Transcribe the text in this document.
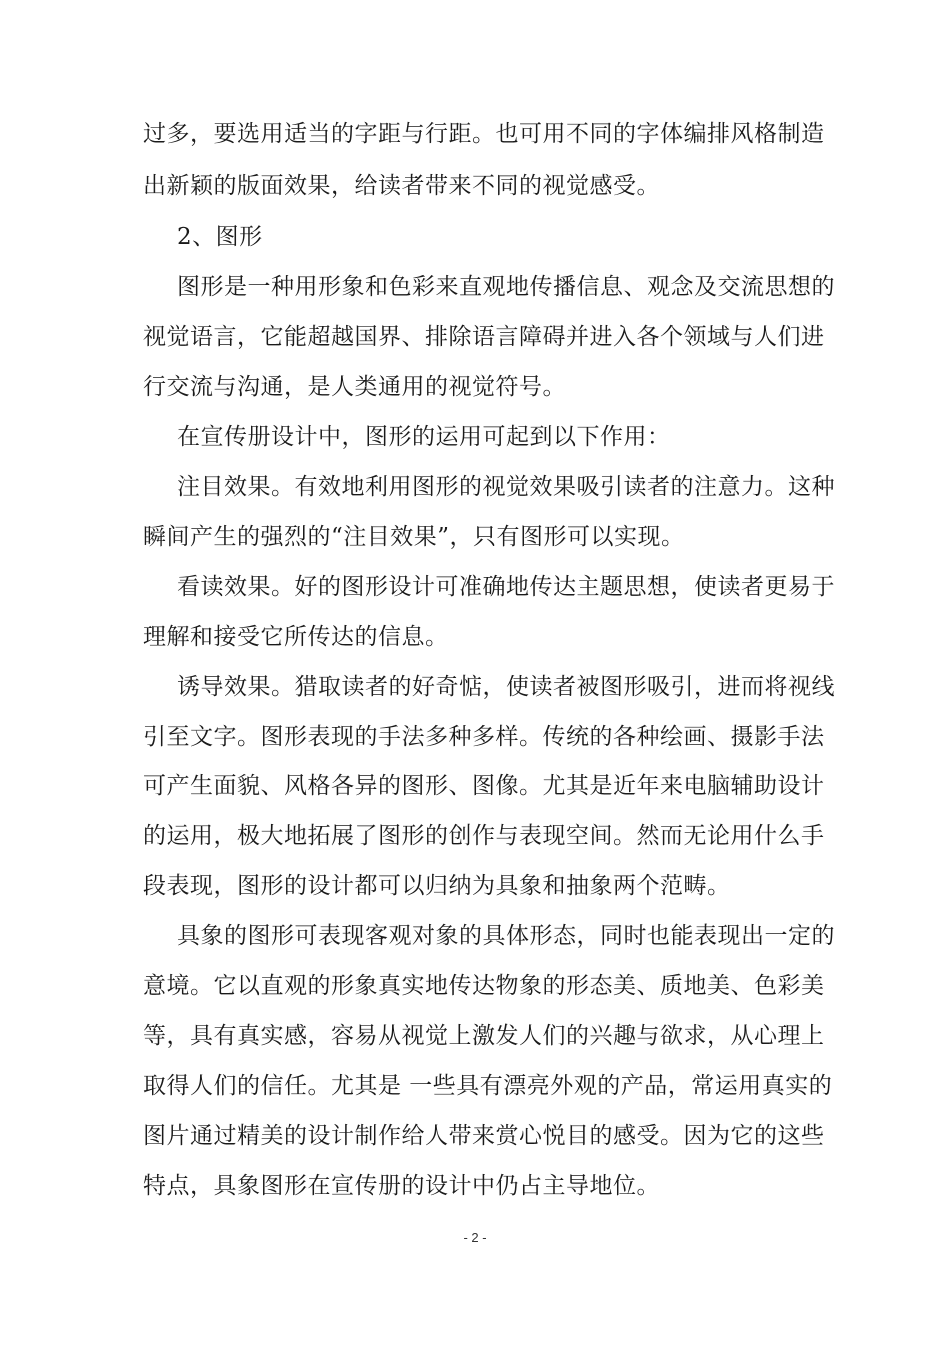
过多，要选用适当的字距与行距。也可用不同的字体编排风格制造
出新颖的版面效果，给读者带来不同的视觉感受。
2、图形
图形是一种用形象和色彩来直观地传播信息、观念及交流思想的
视觉语言，它能超越国界、排除语言障碍并进入各个领域与人们进
行交流与沟通，是人类通用的视觉符号。
在宣传册设计中，图形的运用可起到以下作用：
注目效果。有效地利用图形的视觉效果吸引读者的注意力。这种
瞬间产生的强烈的“注目效果”，只有图形可以实现。
看读效果。好的图形设计可准确地传达主题思想，使读者更易于
理解和接受它所传达的信息。
诱导效果。猎取读者的好奇惦，使读者被图形吸引，进而将视线
引至文字。图形表现的手法多种多样。传统的各种绘画、摄影手法
可产生面貌、风格各异的图形、图像。尤其是近年来电脑辅助设计
的运用，极大地拓展了图形的创作与表现空间。然而无论用什么手
段表现，图形的设计都可以归纳为具象和抽象两个范畴。
具象的图形可表现客观对象的具体形态，同时也能表现出一定的
意境。它以直观的形象真实地传达物象的形态美、质地美、色彩美
等，具有真实感，容易从视觉上激发人们的兴趣与欲求，从心理上
取得人们的信任。尤其是 一些具有漂亮外观的产品，常运用真实的
图片通过精美的设计制作给人带来赏心悦目的感受。因为它的这些
特点，具象图形在宣传册的设计中仍占主导地位。
- 2 -
